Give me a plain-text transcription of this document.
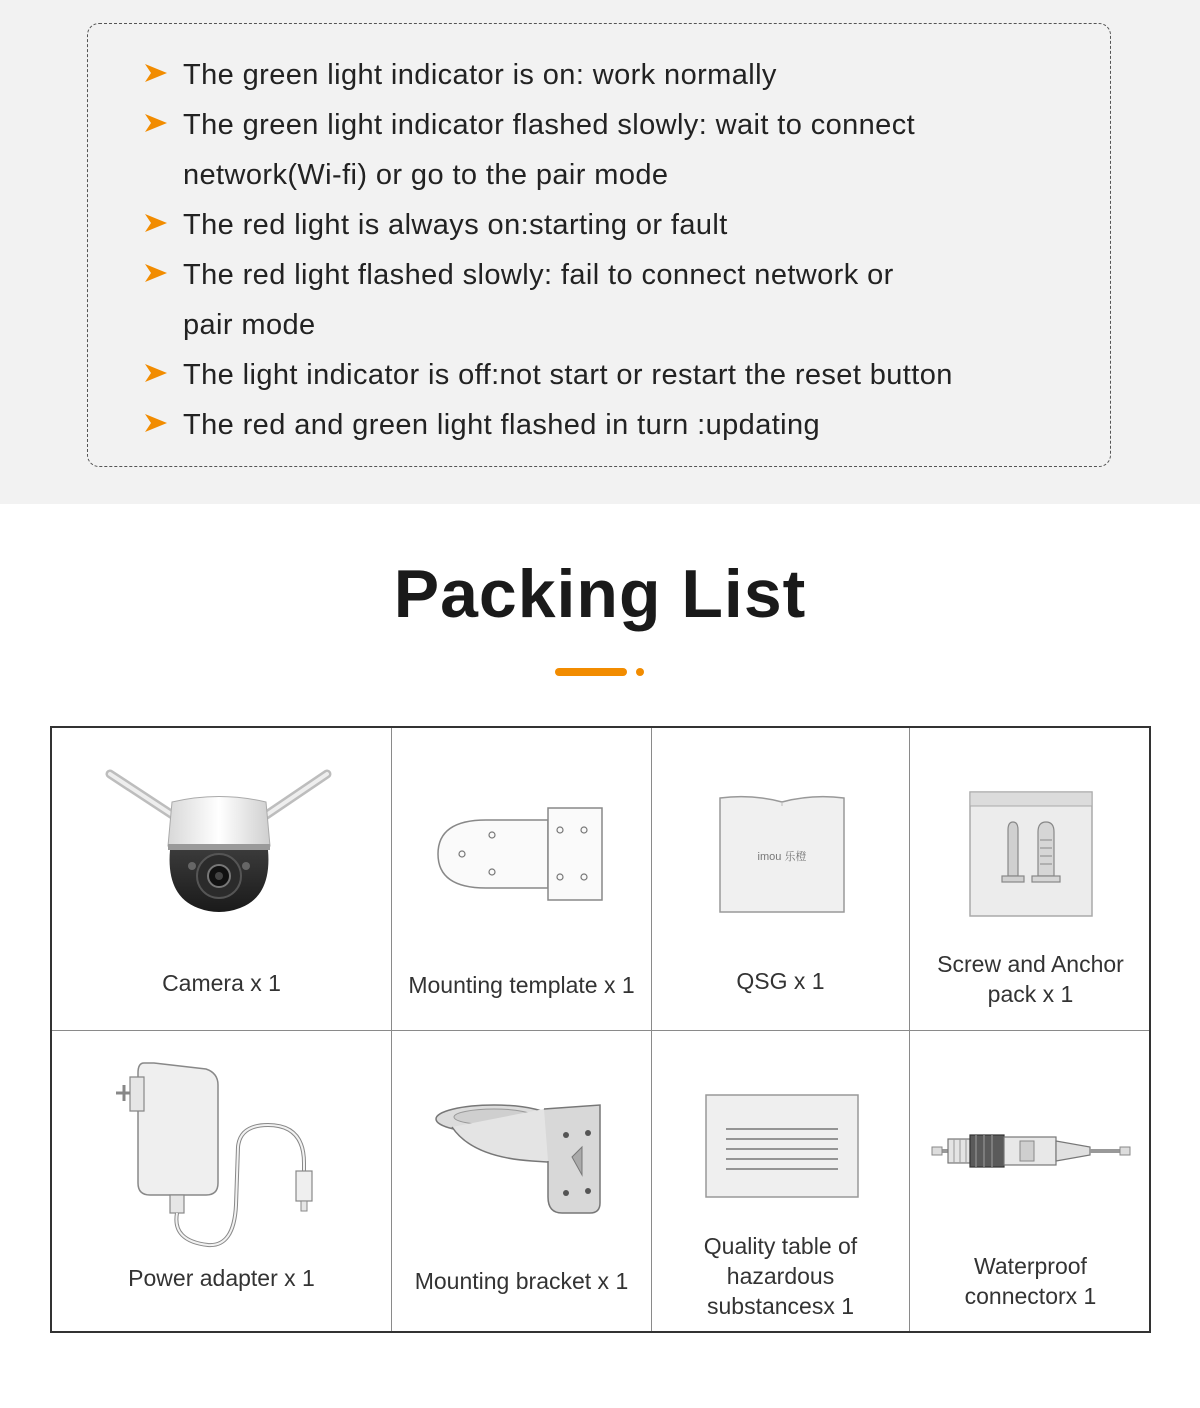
The green light indicator is on: work normally
The green light indicator flashed slowly: wait to connect
network(Wi-fi) or go to the pair mode
The red light is always on:starting or fault
The red light flashed slowly: fail to connect network or
pair mode
The light indicator is off:not start or restart the reset button
The red and green light flashed in turn :updating
Packing List
Camera x 1	Mounting template x 1
imou 乐橙
QSG x 1
Screw and Anchor
pack x 1
Power adapter x 1	Mounting bracket x 1
Quality table of
hazardous
substancesx 1
Waterproof
connectorx 1
